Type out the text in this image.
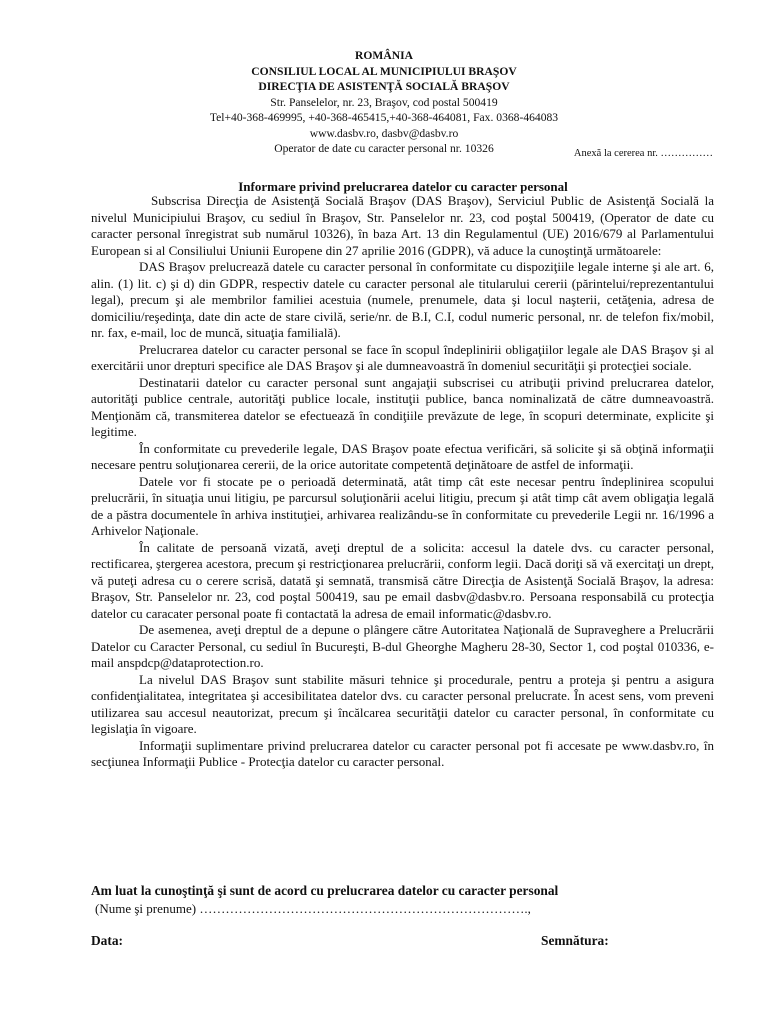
ROMÂNIA
CONSILIUL LOCAL AL MUNICIPIULUI BRAŞOV
DIRECŢIA DE ASISTENŢĂ SOCIALĂ BRAŞOV
Str. Panselelor, nr. 23, Braşov, cod postal 500419
Tel+40-368-469995, +40-368-465415,+40-368-464081, Fax. 0368-464083
www.dasbv.ro, dasbv@dasbv.ro
Operator de date cu caracter personal nr. 10326	Anexă la cererea nr. ……………
Informare privind prelucrarea datelor cu caracter personal

Subscrisa Direcţia de Asistenţă Socială Braşov (DAS Braşov), Serviciul Public de Asistenţă Socială la nivelul Municipiului Braşov, cu sediul în Braşov, Str. Panselelor nr. 23, cod poştal 500419, (Operator de date cu caracter personal înregistrat sub numărul 10326), în baza Art. 13 din Regulamentul (UE) 2016/679 al Parlamentului European si al Consiliului Uniunii Europene din 27 aprilie 2016 (GDPR), vă aduce la cunoştinţă următoarele:

DAS Braşov prelucrează datele cu caracter personal în conformitate cu dispoziţiile legale interne şi ale art. 6, alin. (1) lit. c) şi d) din GDPR, respectiv datele cu caracter personal ale titularului cererii (părintelui/reprezentantului legal), precum şi ale membrilor familiei acestuia (numele, prenumele, data şi locul naşterii, cetăţenia, adresa de domiciliu/reşedinţa, date din acte de stare civilă, serie/nr. de B.I, C.I, codul numeric personal, nr. de telefon fix/mobil, nr. fax, e-mail, loc de muncă, situaţia familială).

Prelucrarea datelor cu caracter personal se face în scopul îndeplinirii obligaţiilor legale ale DAS Braşov şi al exercitării unor drepturi specifice ale DAS Braşov şi ale dumneavoastră în domeniul securităţii şi protecţiei sociale.

Destinatarii datelor cu caracter personal sunt angajaţii subscrisei cu atribuţii privind prelucrarea datelor, autorităţi publice centrale, autorităţi publice locale, instituţii publice, banca nominalizată de către dumneavoastră. Menţionăm că, transmiterea datelor se efectuează în condiţiile prevăzute de lege, în scopuri determinate, explicite şi legitime.

În conformitate cu prevederile legale, DAS Braşov poate efectua verificări, să solicite şi să obţină informaţii necesare pentru soluţionarea cererii, de la orice autoritate competentă deţinătoare de astfel de informaţii.

Datele vor fi stocate pe o perioadă determinată, atât timp cât este necesar pentru îndeplinirea scopului prelucrării, în situaţia unui litigiu, pe parcursul soluţionării acelui litigiu, precum şi atât timp cât avem obligaţia legală de a păstra documentele în arhiva instituţiei, arhivarea realizându-se în conformitate cu prevederile Legii nr. 16/1996 a Arhivelor Naţionale.

În calitate de persoană vizată, aveţi dreptul de a solicita: accesul la datele dvs. cu caracter personal, rectificarea, ştergerea acestora, precum şi restricţionarea prelucrării, conform legii. Dacă doriţi să vă exercitaţi un drept, vă puteţi adresa cu o cerere scrisă, datată şi semnată, transmisă către Direcţia de Asistenţă Socială Braşov, la adresa: Braşov, Str. Panselelor nr. 23, cod poştal 500419, sau pe email dasbv@dasbv.ro. Persoana responsabilă cu protecţia datelor cu caracater personal poate fi contactată la adresa de email informatic@dasbv.ro.

De asemenea, aveţi dreptul de a depune o plângere către Autoritatea Naţională de Supraveghere a Prelucrării Datelor cu Caracter Personal, cu sediul în Bucureşti, B-dul Gheorghe Magheru 28-30, Sector 1, cod poştal 010336, e-mail anspdcp@dataprotection.ro.

La nivelul DAS Braşov sunt stabilite măsuri tehnice şi procedurale, pentru a proteja şi pentru a asigura confidenţialitatea, integritatea şi accesibilitatea datelor dvs. cu caracter personal prelucrate. În acest sens, vom preveni utilizarea sau accesul neautorizat, precum şi încălcarea securităţii datelor cu caracter personal, în conformitate cu legislaţia în vigoare.

Informaţii suplimentare privind prelucrarea datelor cu caracter personal pot fi accesate pe www.dasbv.ro, în secţiunea Informaţii Publice - Protecţia datelor cu caracter personal.

Am luat la cunoştinţă şi sunt de acord cu prelucrarea datelor cu caracter personal
(Nume şi prenume) ………………………………………………………………….,
Data:	Semnătura:
